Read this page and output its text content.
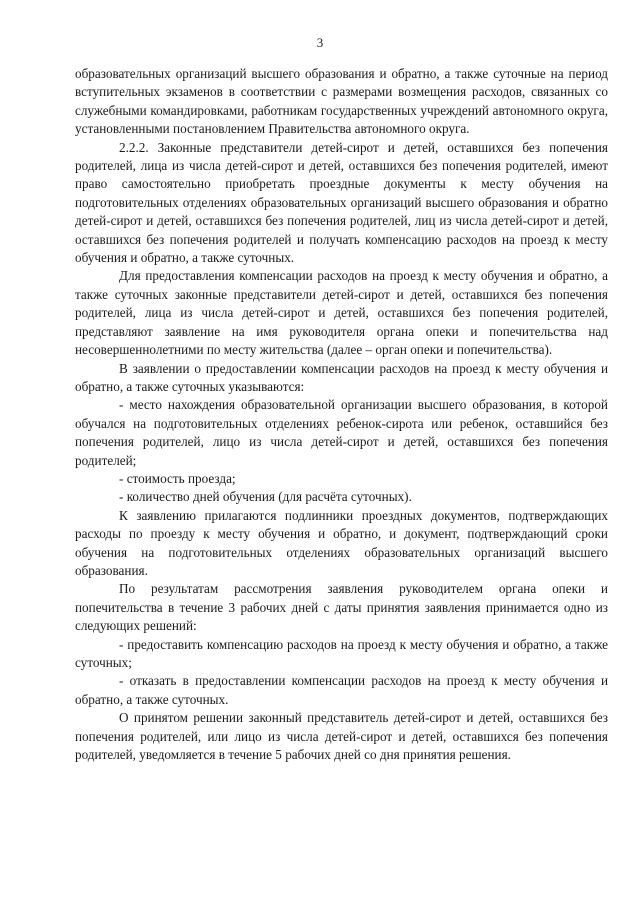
3

образовательных организаций высшего образования и обратно, а также суточные на период вступительных экзаменов в соответствии с размерами возмещения расходов, связанных со служебными командировками, работникам государственных учреждений автономного округа, установленными постановлением Правительства автономного округа.

2.2.2. Законные представители детей-сирот и детей, оставшихся без попечения родителей, лица из числа детей-сирот и детей, оставшихся без попечения родителей, имеют право самостоятельно приобретать проездные документы к месту обучения на подготовительных отделениях образовательных организаций высшего образования и обратно детей-сирот и детей, оставшихся без попечения родителей, лиц из числа детей-сирот и детей, оставшихся без попечения родителей и получать компенсацию расходов на проезд к месту обучения и обратно, а также суточных.

Для предоставления компенсации расходов на проезд к месту обучения и обратно, а также суточных законные представители детей-сирот и детей, оставшихся без попечения родителей, лица из числа детей-сирот и детей, оставшихся без попечения родителей, представляют заявление на имя руководителя органа опеки и попечительства над несовершеннолетними по месту жительства (далее – орган опеки и попечительства).

В заявлении о предоставлении компенсации расходов на проезд к месту обучения и обратно, а также суточных указываются:

- место нахождения образовательной организации высшего образования, в которой обучался на подготовительных отделениях ребенок-сирота или ребенок, оставшийся без попечения родителей, лицо из числа детей-сирот и детей, оставшихся без попечения родителей;

- стоимость проезда;

- количество дней обучения (для расчёта суточных).

К заявлению прилагаются подлинники проездных документов, подтверждающих расходы по проезду к месту обучения и обратно, и документ, подтверждающий сроки обучения на подготовительных отделениях образовательных организаций высшего образования.

По результатам рассмотрения заявления руководителем органа опеки и попечительства в течение 3 рабочих дней с даты принятия заявления принимается одно из следующих решений:

- предоставить компенсацию расходов на проезд к месту обучения и обратно, а также суточных;

- отказать в предоставлении компенсации расходов на проезд к месту обучения и обратно, а также суточных.

О принятом решении законный представитель детей-сирот и детей, оставшихся без попечения родителей, или лицо из числа детей-сирот и детей, оставшихся без попечения родителей, уведомляется в течение 5 рабочих дней со дня принятия решения.
